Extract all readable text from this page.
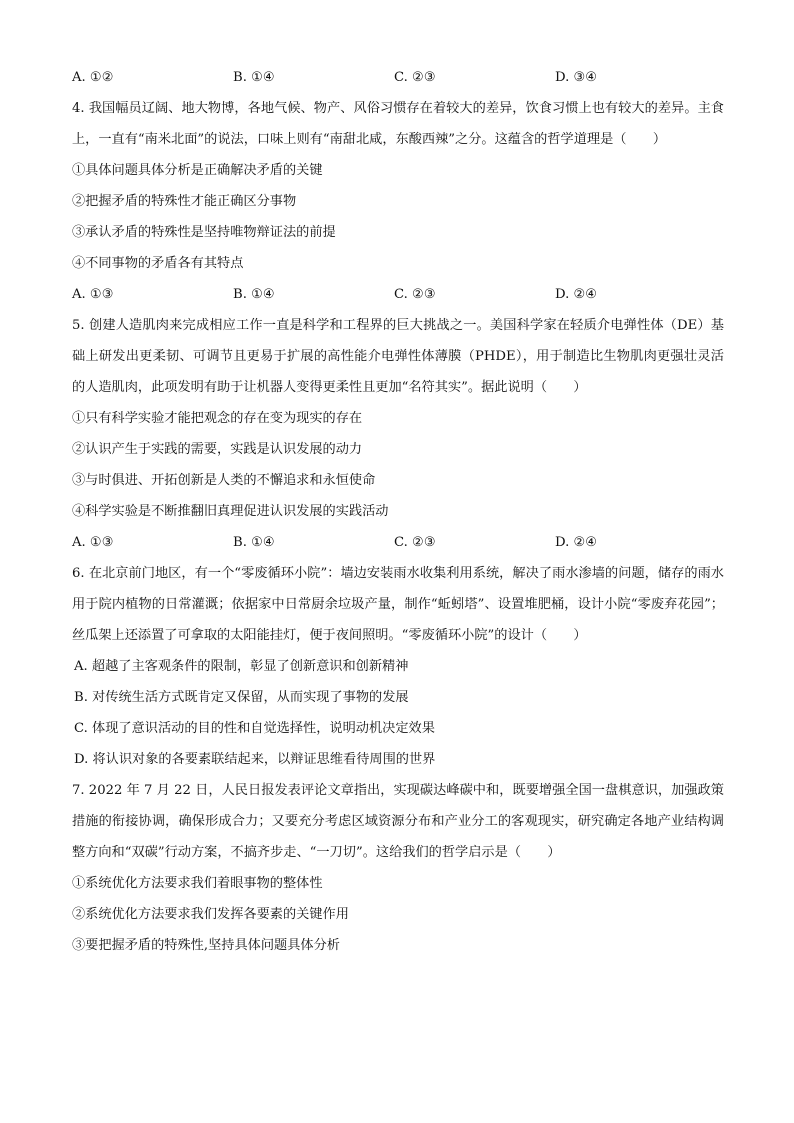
A. ①②	B. ①④	C. ②③	D. ③④
4. 我国幅员辽阔、地大物博，各地气候、物产、风俗习惯存在着较大的差异，饮食习惯上也有较大的差异。主食上，一直有“南米北面”的说法，口味上则有“南甜北咸，东酸西辣”之分。这蕴含的哲学道理是（　　）
①具体问题具体分析是正确解决矛盾的关键
②把握矛盾的特殊性才能正确区分事物
③承认矛盾的特殊性是坚持唯物辩证法的前提
④不同事物的矛盾各有其特点
A. ①③	B. ①④	C. ②③	D. ②④
5. 创建人造肌肉来完成相应工作一直是科学和工程界的巨大挑战之一。美国科学家在轻质介电弹性体（DE）基础上研发出更柔韧、可调节且更易于扩展的高性能介电弹性体薄膜（PHDE），用于制造比生物肌肉更强壮灵活的人造肌肉，此项发明有助于让机器人变得更柔性且更加“名符其实”。据此说明（　　）
①只有科学实验才能把观念的存在变为现实的存在
②认识产生于实践的需要，实践是认识发展的动力
③与时俱进、开拓创新是人类的不懈追求和永恒使命
④科学实验是不断推翻旧真理促进认识发展的实践活动
A. ①③	B. ①④	C. ②③	D. ②④
6. 在北京前门地区，有一个“零废循环小院”：墙边安装雨水收集利用系统，解决了雨水渗墙的问题，储存的雨水用于院内植物的日常灌溉；依据家中日常厨余垃圾产量，制作“蚯蚓塔”、设置堆肥桶，设计小院“零废弃花园”；丝瓜架上还添置了可拿取的太阳能挂灯，便于夜间照明。“零废循环小院”的设计（　　）
A. 超越了主客观条件的限制，彰显了创新意识和创新精神
B. 对传统生活方式既肯定又保留，从而实现了事物的发展
C. 体现了意识活动的目的性和自觉选择性，说明动机决定效果
D. 将认识对象的各要素联结起来，以辩证思维看待周围的世界
7. 2022 年 7 月 22 日，人民日报发表评论文章指出，实现碳达峰碳中和，既要增强全国一盘棋意识，加强政策措施的衔接协调，确保形成合力；又要充分考虑区域资源分布和产业分工的客观现实，研究确定各地产业结构调整方向和“双碳”行动方案，不搞齐步走、“一刀切”。这给我们的哲学启示是（　　）
①系统优化方法要求我们着眼事物的整体性
②系统优化方法要求我们发挥各要素的关键作用
③要把握矛盾的特殊性,坚持具体问题具体分析
